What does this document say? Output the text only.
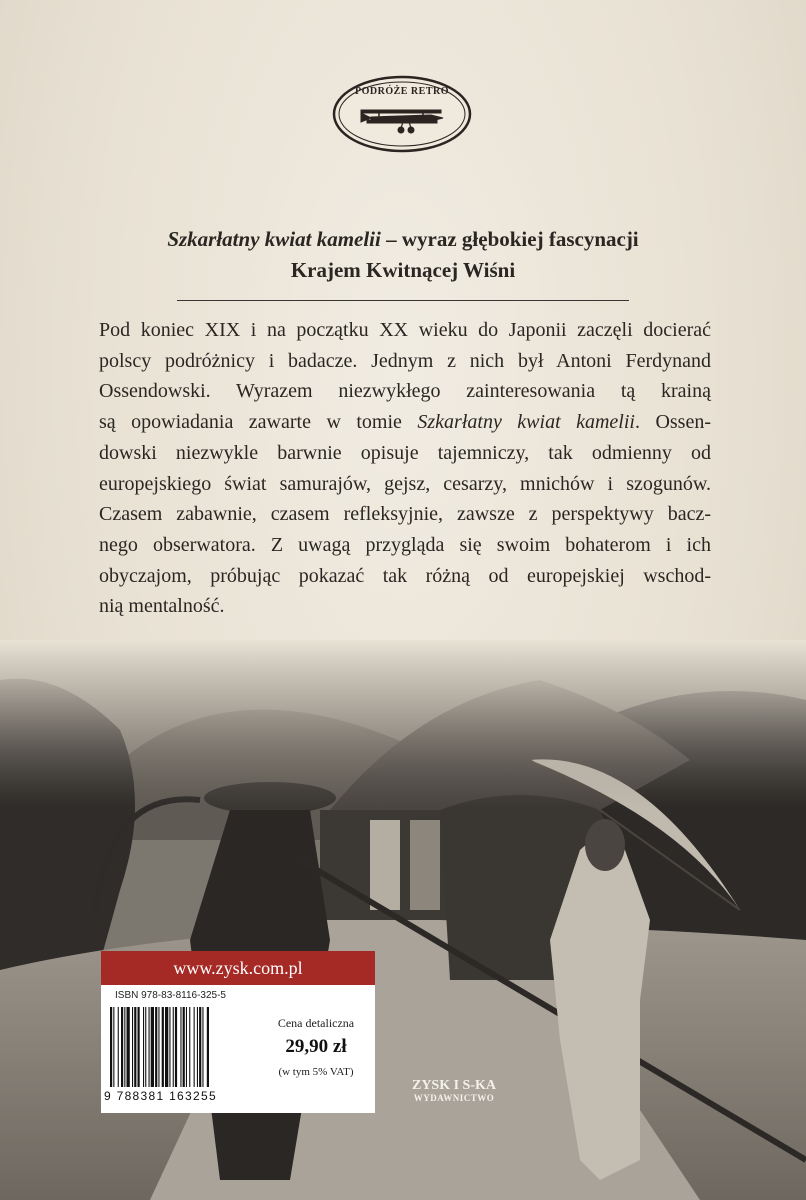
PODRÓŻE RETRO
Szkarłatny kwiat kamelii – wyraz głębokiej fascynacji
Krajem Kwitnącej Wiśni
Pod koniec XIX i na początku XX wieku do Japonii zaczęli docierać
polscy podróżnicy i badacze. Jednym z nich był Antoni Ferdynand
Ossendowski. Wyrazem niezwykłego zainteresowania tą krainą
są opowiadania zawarte w tomie Szkarłatny kwiat kamelii. Ossen-
dowski niezwykle barwnie opisuje tajemniczy, tak odmienny od
europejskiego świat samurajów, gejsz, cesarzy, mnichów i szogunów.
Czasem zabawnie, czasem refleksyjnie, zawsze z perspektywy bacz-
nego obserwatora. Z uwagą przygląda się swoim bohaterom i ich
obyczajom, próbując pokazać tak różną od europejskiej wschod-
nią mentalność.
www.zysk.com.pl
ISBN 978-83-8116-325-5
9 788381 163255
Cena detaliczna
29,90 zł
(w tym 5% VAT)
ZYSK I S-KA
WYDAWNICTWO
